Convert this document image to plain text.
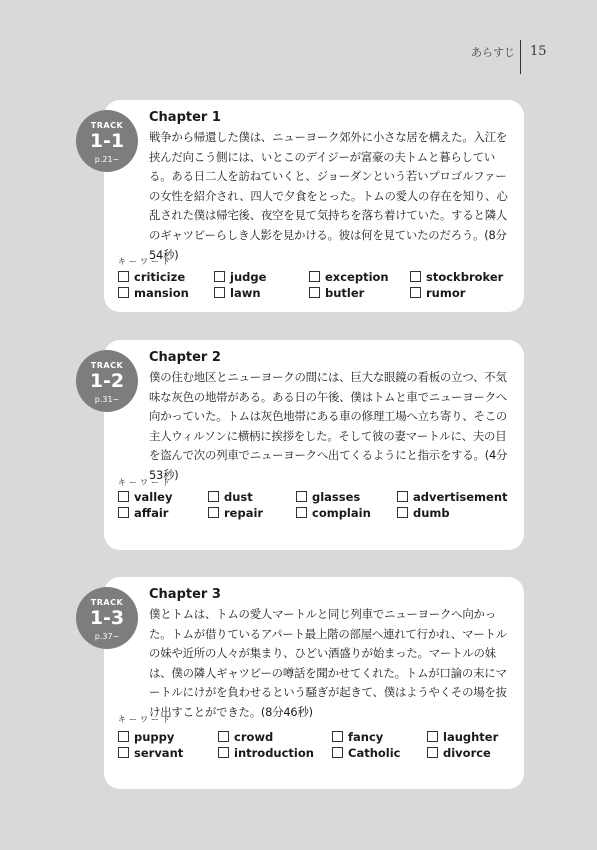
あらすじ 15
TRACK
1-1
p.21~
Chapter 1

戦争から帰還した僕は、ニューヨーク郊外に小さな居を構えた。入江を挟んだ向こう側には、いとこのデイジーが富豪の夫トムと暮らしている。ある日二人を訪ねていくと、ジョーダンという若いプロゴルファーの女性を紹介され、四人で夕食をとった。トムの愛人の存在を知り、心乱された僕は帰宅後、夜空を見て気持ちを落ち着けていた。すると隣人のギャツビーらしき人影を見かける。彼は何を見ていたのだろう。(8分54秒)

キーワード
criticize	judge	exception	stockbroker
mansion	lawn	butler	rumor
TRACK
1-2
p.31~
Chapter 2

僕の住む地区とニューヨークの間には、巨大な眼鏡の看板の立つ、不気味な灰色の地帯がある。ある日の午後、僕はトムと車でニューヨークへ向かっていた。トムは灰色地帯にある車の修理工場へ立ち寄り、そこの主人ウィルソンに横柄に挨拶をした。そして彼の妻マートルに、夫の目を盗んで次の列車でニューヨークへ出てくるようにと指示をする。(4分53秒)

キーワード
valley	dust	glasses	advertisement
affair	repair	complain	dumb
TRACK
1-3
p.37~
Chapter 3

僕とトムは、トムの愛人マートルと同じ列車でニューヨークへ向かった。トムが借りているアパート最上階の部屋へ連れて行かれ、マートルの妹や近所の人々が集まり、ひどい酒盛りが始まった。マートルの妹は、僕の隣人ギャツビーの噂話を聞かせてくれた。トムが口論の末にマートルにけがを負わせるという騒ぎが起きて、僕はようやくその場を抜け出すことができた。(8分46秒)

キーワード
puppy	crowd	fancy	laughter
servant	introduction	Catholic	divorce
